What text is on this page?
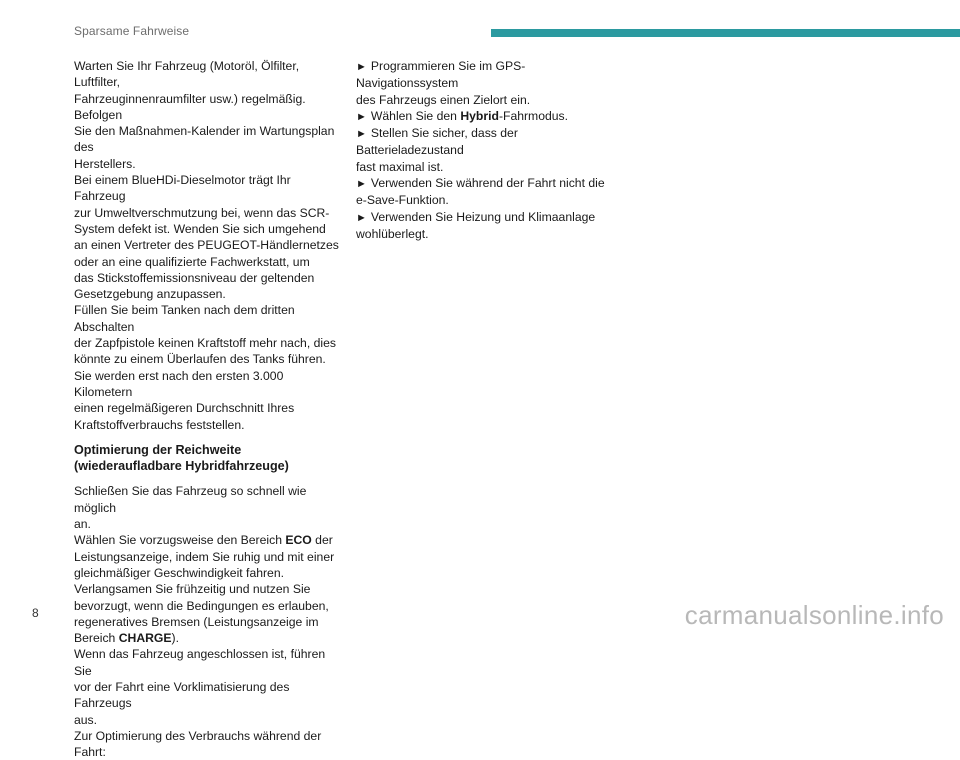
Sparsame Fahrweise

Warten Sie Ihr Fahrzeug (Motoröl, Ölfilter, Luftfilter,
Fahrzeuginnenraumfilter usw.) regelmäßig. Befolgen
Sie den Maßnahmen-Kalender im Wartungsplan des
Herstellers.

Bei einem BlueHDi-Dieselmotor trägt Ihr Fahrzeug
zur Umweltverschmutzung bei, wenn das SCR-
System defekt ist. Wenden Sie sich umgehend
an einen Vertreter des PEUGEOT-Händlernetzes
oder an eine qualifizierte Fachwerkstatt, um
das Stickstoffemissionsniveau der geltenden
Gesetzgebung anzupassen.

Füllen Sie beim Tanken nach dem dritten Abschalten
der Zapfpistole keinen Kraftstoff mehr nach, dies
könnte zu einem Überlaufen des Tanks führen.

Sie werden erst nach den ersten 3.000 Kilometern
einen regelmäßigeren Durchschnitt Ihres
Kraftstoffverbrauchs feststellen.

Optimierung der Reichweite
(wiederaufladbare Hybridfahrzeuge)

Schließen Sie das Fahrzeug so schnell wie möglich
an.

Wählen Sie vorzugsweise den Bereich ECO der
Leistungsanzeige, indem Sie ruhig und mit einer
gleichmäßiger Geschwindigkeit fahren.

Verlangsamen Sie frühzeitig und nutzen Sie
bevorzugt, wenn die Bedingungen es erlauben,
regeneratives Bremsen (Leistungsanzeige im
Bereich CHARGE).

Wenn das Fahrzeug angeschlossen ist, führen Sie
vor der Fahrt eine Vorklimatisierung des Fahrzeugs
aus.

Zur Optimierung des Verbrauchs während der Fahrt:

► Programmieren Sie im GPS-Navigationssystem
des Fahrzeugs einen Zielort ein.

► Wählen Sie den Hybrid-Fahrmodus.

► Stellen Sie sicher, dass der Batterieladezustand
fast maximal ist.

► Verwenden Sie während der Fahrt nicht die
e-Save-Funktion.

► Verwenden Sie Heizung und Klimaanlage
wohlüberlegt.

8	carmanualsonline.info
